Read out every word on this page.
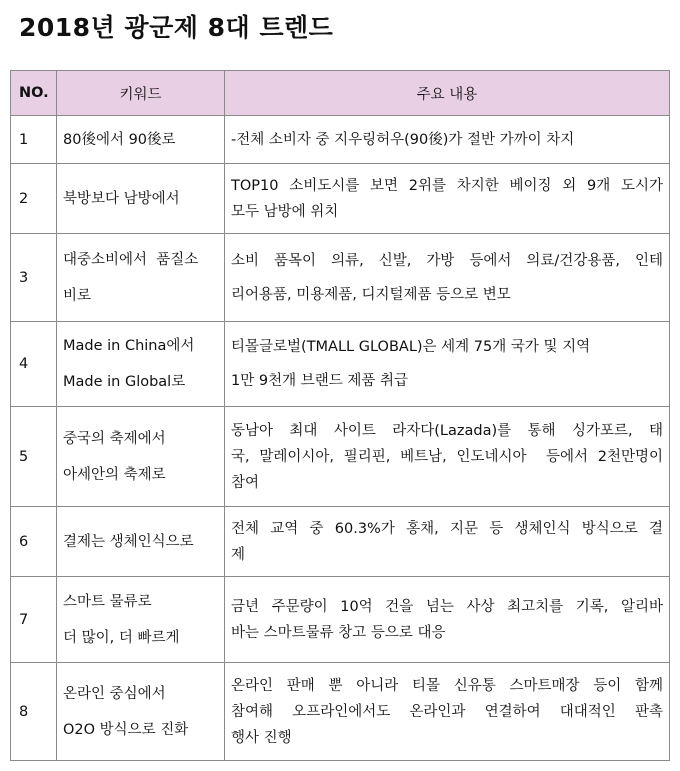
2018년 광군제 8대 트렌드
NO.	키워드	주요 내용
1	80後에서 90後로	-전체 소비자 중 지우링허우(90後)가 절반 가까이 차지

2	북방보다 남방에서	TOP10 소비도시를 보면 2위를 차지한 베이징 외 9개 도시가
모두 남방에 위치

3	대중소비에서  품질소
비로	소비 품목이 의류, 신발, 가방 등에서 의료/건강용품, 인테
리어용품, 미용제품, 디지털제품 등으로 변모

4	Made in China에서
Made in Global로	티몰글로벌(TMALL GLOBAL)은 세계 75개 국가 및 지역
1만 9천개 브랜드 제품 취급

5	중국의 축제에서
아세안의 축제로	동남아 최대 사이트 라자다(Lazada)를 통해 싱가포르, 태
국, 말레이시아, 필리핀, 베트남, 인도네시아  등에서 2천만명이
참여

6	결제는 생체인식으로	전체 교역 중 60.3%가 홍채, 지문 등 생체인식 방식으로 결
제

7	스마트 물류로
더 많이, 더 빠르게	금년 주문량이 10억 건을 넘는 사상 최고치를 기록, 알리바
바는 스마트물류 창고 등으로 대응

8	온라인 중심에서
O2O 방식으로 진화	온라인 판매 뿐 아니라 티몰 신유통 스마트매장 등이 함께
참여해 오프라인에서도 온라인과 연결하여 대대적인 판촉
행사 진행
